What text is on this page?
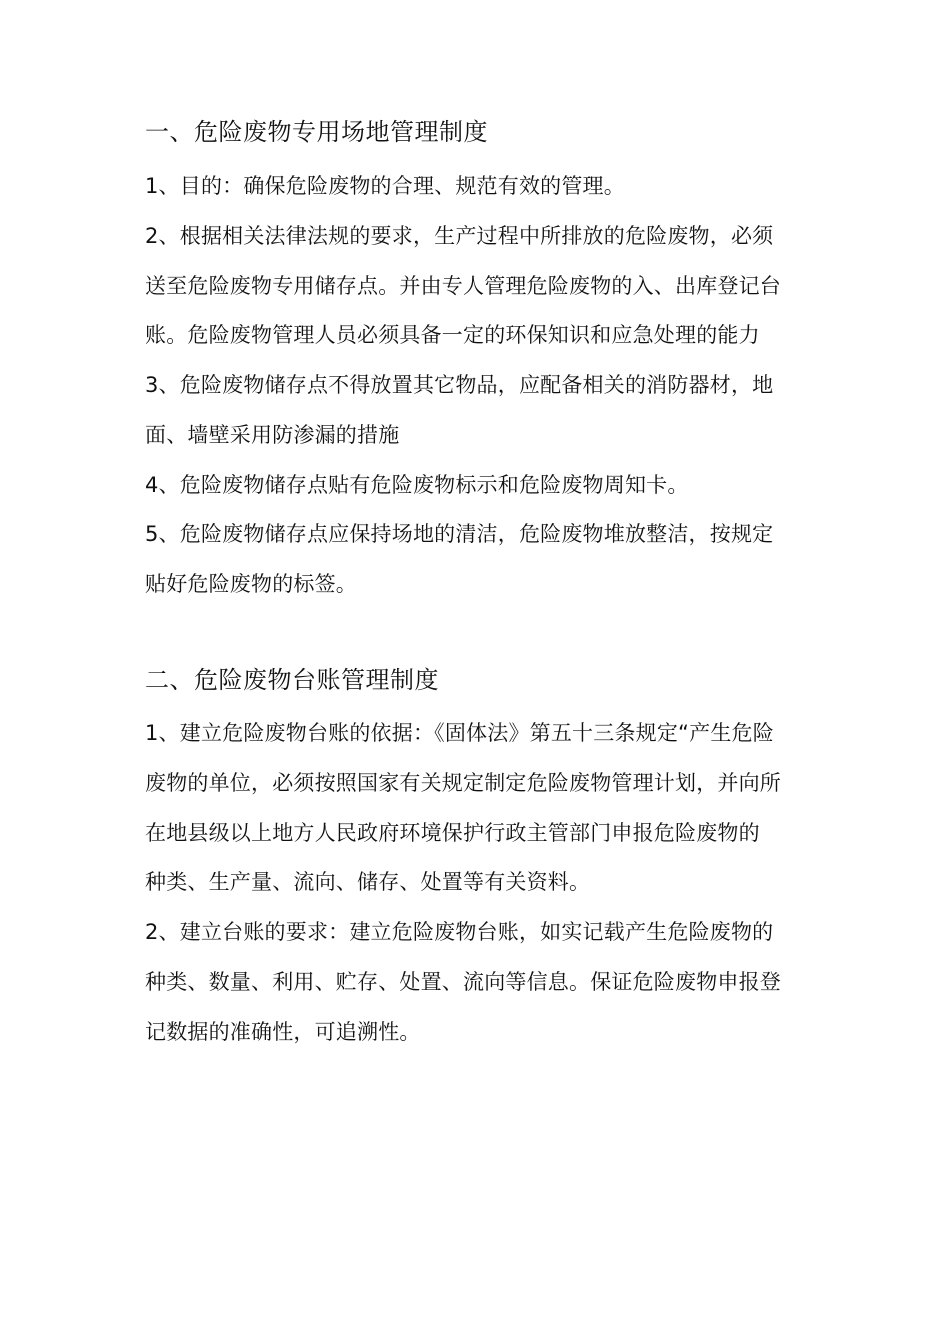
一、危险废物专用场地管理制度
1、目的：确保危险废物的合理、规范有效的管理。
2、根据相关法律法规的要求，生产过程中所排放的危险废物，必须
送至危险废物专用储存点。并由专人管理危险废物的入、出库登记台
账。危险废物管理人员必须具备一定的环保知识和应急处理的能力
3、危险废物储存点不得放置其它物品，应配备相关的消防器材，地
面、墙壁采用防渗漏的措施
4、危险废物储存点贴有危险废物标示和危险废物周知卡。
5、危险废物储存点应保持场地的清洁，危险废物堆放整洁，按规定
贴好危险废物的标签。
二、危险废物台账管理制度
1、建立危险废物台账的依据：《固体法》第五十三条规定“产生危险
废物的单位，必须按照国家有关规定制定危险废物管理计划，并向所
在地县级以上地方人民政府环境保护行政主管部门申报危险废物的
种类、生产量、流向、储存、处置等有关资料。
2、建立台账的要求：建立危险废物台账，如实记载产生危险废物的
种类、数量、利用、贮存、处置、流向等信息。保证危险废物申报登
记数据的准确性，可追溯性。
